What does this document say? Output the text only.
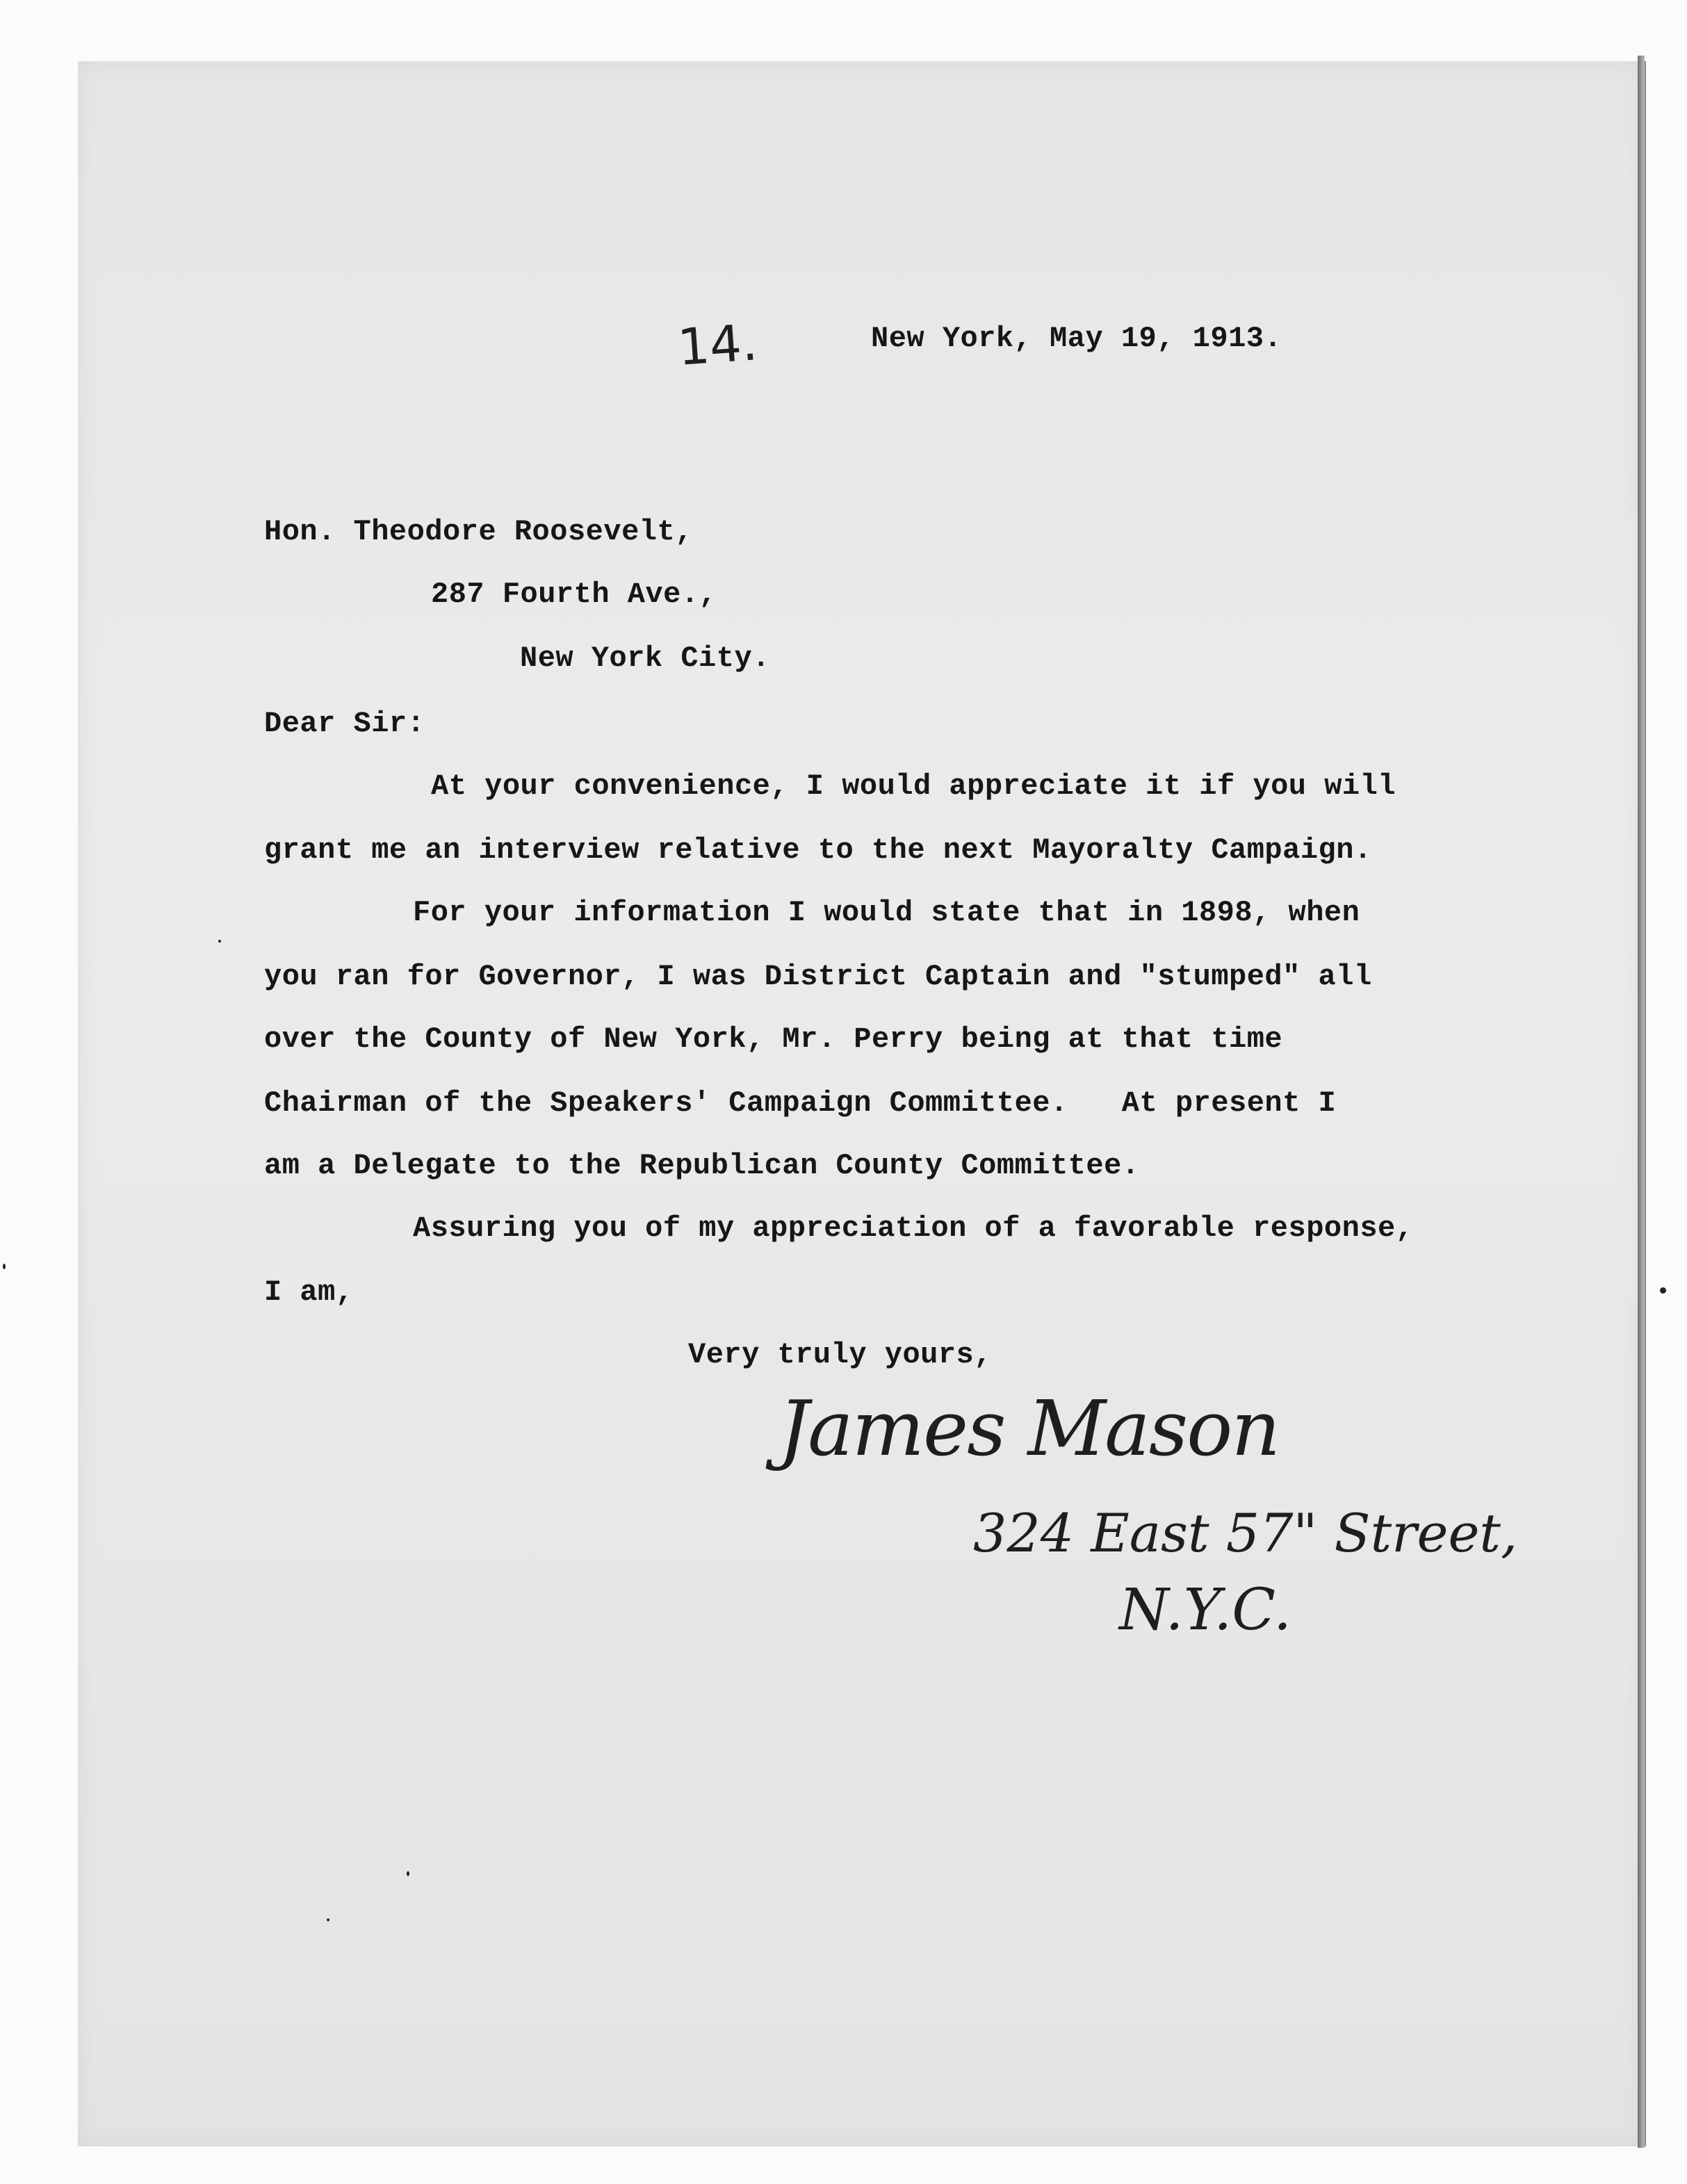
14.	New York, May 19, 1913.
Hon. Theodore Roosevelt,
287 Fourth Ave.,
New York City.
Dear Sir:
At your convenience, I would appreciate it if you will
grant me an interview relative to the next Mayoralty Campaign.
For your information I would state that in 1898, when
you ran for Governor, I was District Captain and "stumped" all
over the County of New York, Mr. Perry being at that time
Chairman of the Speakers' Campaign Committee.   At present I
am a Delegate to the Republican County Committee.
Assuring you of my appreciation of a favorable response,
I am,
Very truly yours,
James Mason
324 East 57" Street,
N.Y.C.
